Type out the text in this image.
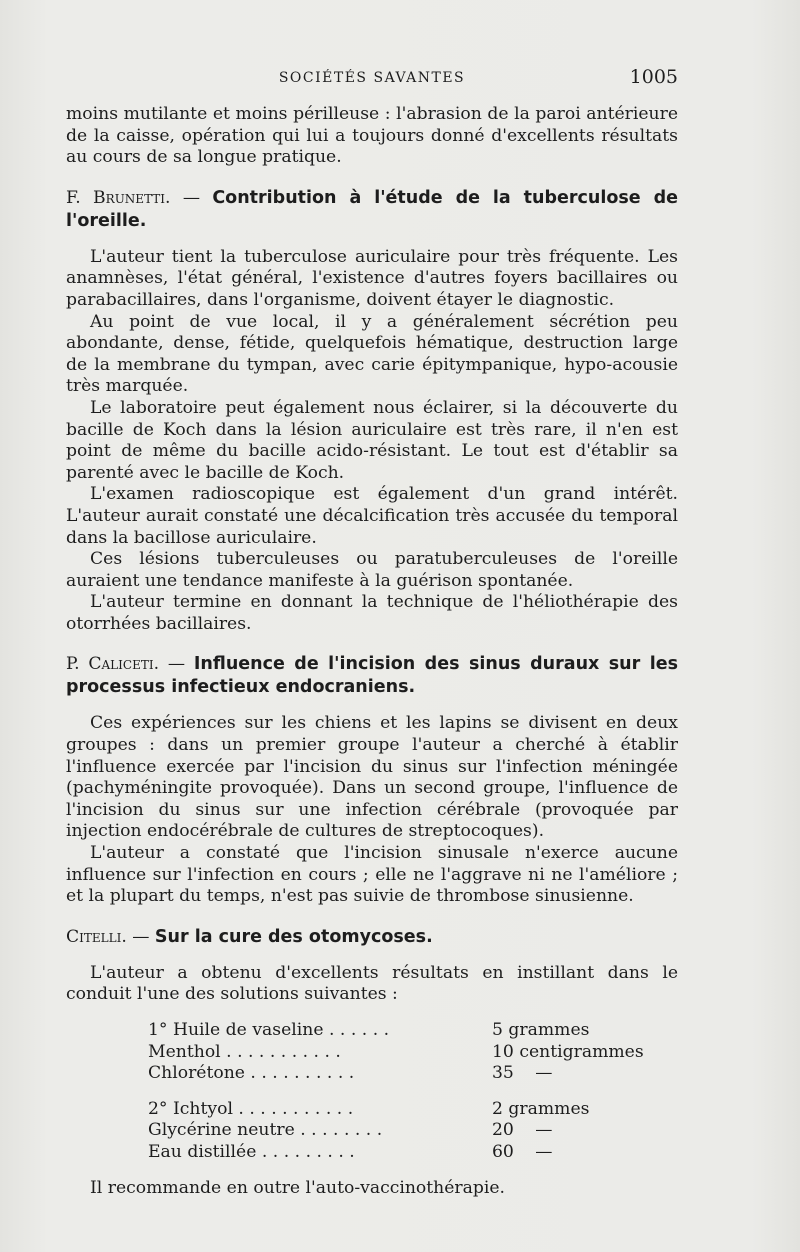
SOCIÉTÉS SAVANTES	1005

moins mutilante et moins périlleuse : l'abrasion de la paroi antérieure de la caisse, opération qui lui a toujours donné d'excellents résultats au cours de sa longue pratique.

F. Brunetti. — Contribution à l'étude de la tuberculose de l'oreille.

L'auteur tient la tuberculose auriculaire pour très fréquente. Les anamnèses, l'état général, l'existence d'autres foyers bacillaires ou parabacillaires, dans l'organisme, doivent étayer le diagnostic.

Au point de vue local, il y a généralement sécrétion peu abondante, dense, fétide, quelquefois hématique, destruction large de la membrane du tympan, avec carie épitympanique, hypo-acousie très marquée.

Le laboratoire peut également nous éclairer, si la découverte du bacille de Koch dans la lésion auriculaire est très rare, il n'en est point de même du bacille acido-résistant. Le tout est d'établir sa parenté avec le bacille de Koch.

L'examen radioscopique est également d'un grand intérêt. L'auteur aurait constaté une décalcification très accusée du temporal dans la bacillose auriculaire.

Ces lésions tuberculeuses ou paratuberculeuses de l'oreille auraient une tendance manifeste à la guérison spontanée.

L'auteur termine en donnant la technique de l'héliothérapie des otorrhées bacillaires.

P. Caliceti. — Influence de l'incision des sinus duraux sur les processus infectieux endocraniens.

Ces expériences sur les chiens et les lapins se divisent en deux groupes : dans un premier groupe l'auteur a cherché à établir l'influence exercée par l'incision du sinus sur l'infection méningée (pachyméningite provoquée). Dans un second groupe, l'influence de l'incision du sinus sur une infection cérébrale (provoquée par injection endocérébrale de cultures de streptocoques).

L'auteur a constaté que l'incision sinusale n'exerce aucune influence sur l'infection en cours ; elle ne l'aggrave ni ne l'améliore ; et la plupart du temps, n'est pas suivie de thrombose sinusienne.

Citelli. — Sur la cure des otomycoses.

L'auteur a obtenu d'excellents résultats en instillant dans le conduit l'une des solutions suivantes :

1° Huile de vaseline . . . . . .	5 grammes
Menthol . . . . . . . . . . .	10 centigrammes
Chlorétone . . . . . . . . . .	35 —
2° Ichtyol . . . . . . . . . . .	2 grammes
Glycérine neutre . . . . . . . .	20 —
Eau distillée . . . . . . . . .	60 —

Il recommande en outre l'auto-vaccinothérapie.
